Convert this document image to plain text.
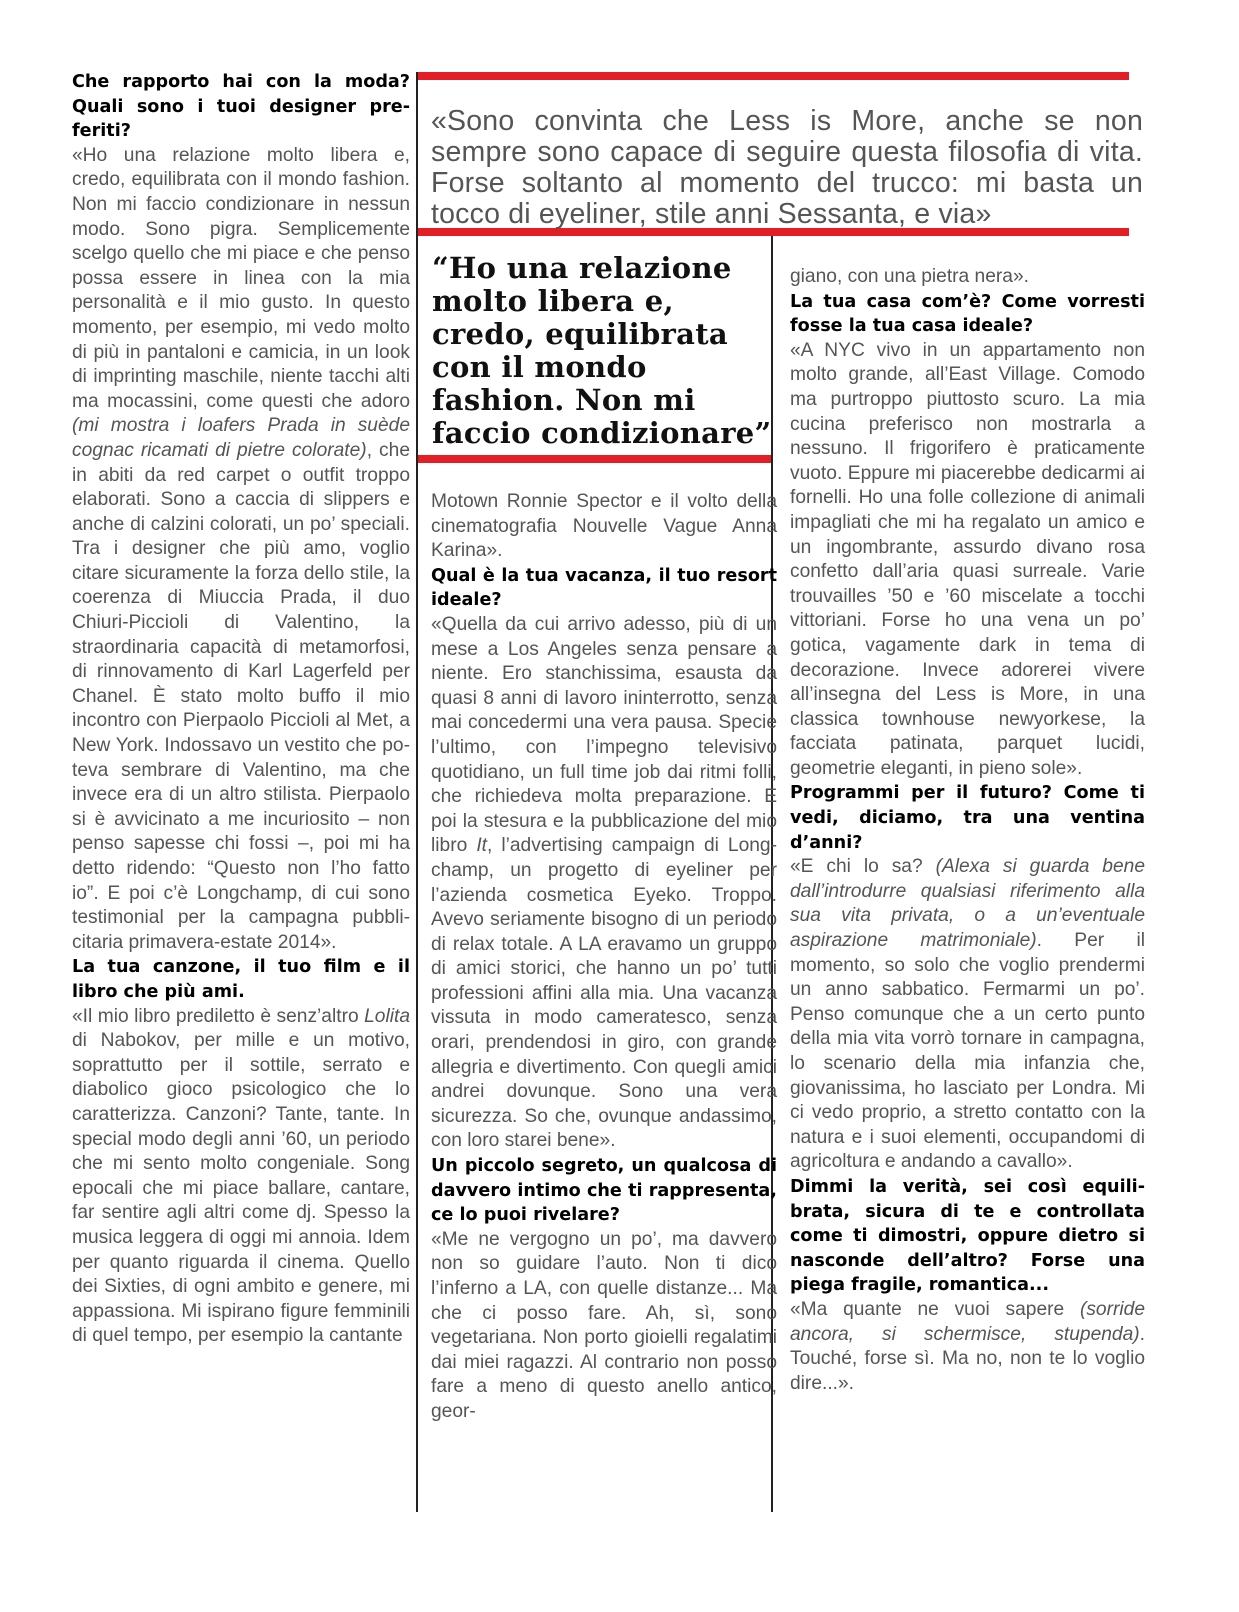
«Sono convinta che Less is More, anche se non sempre sono capace di seguire questa filosofia di vita. Forse soltanto al momento del trucco: mi basta un tocco di eyeliner, stile anni Sessanta, e via»
“Ho una relazione molto libera e, credo, equilibrata con il mondo fashion. Non mi faccio condizionare”
Che rapporto hai con la moda? Quali sono i tuoi designer preferiti?
«Ho una relazione molto libera e, credo, equilibrata con il mondo fashion. Non mi faccio condizionare in nessun modo. Sono pigra. Semplicemente scelgo quello che mi piace e che penso possa essere in linea con la mia personalità e il mio gusto. In questo momento, per esempio, mi vedo molto di più in pantaloni e camicia, in un look di imprinting maschile, niente tacchi alti ma mocassini, come questi che adoro (mi mostra i loafers Prada in suède cognac ricamati di pietre colorate), che in abiti da red carpet o outfit troppo elaborati. Sono a caccia di slippers e anche di calzini colorati, un po’ speciali. Tra i designer che più amo, voglio citare sicuramente la forza dello stile, la coerenza di Miuccia Prada, il duo Chiuri-Piccioli di Valentino, la straordinaria capacità di metamorfosi, di rinnovamento di Karl Lagerfeld per Chanel. È stato molto buffo il mio incontro con Pierpaolo Piccioli al Met, a New York. Indossavo un vestito che poteva sembrare di Valentino, ma che invece era di un altro stilista. Pierpaolo si è avvicinato a me incuriosito – non penso sapesse chi fossi –, poi mi ha detto ridendo: “Questo non l’ho fatto io”. E poi c’è Longchamp, di cui sono testimonial per la campagna pubblicitaria primavera-estate 2014».
La tua canzone, il tuo film e il libro che più ami.
«Il mio libro prediletto è senz’altro Lolita di Nabokov, per mille e un motivo, soprattutto per il sottile, serrato e diabolico gioco psicologico che lo caratterizza. Canzoni? Tante, tante. In special modo degli anni ’60, un periodo che mi sento molto congeniale. Song epocali che mi piace ballare, cantare, far sentire agli altri come dj. Spesso la musica leggera di oggi mi annoia. Idem per quanto riguarda il cinema. Quello dei Sixties, di ogni ambito e genere, mi appassiona. Mi ispirano figure femminili di quel tempo, per esempio la cantante
Motown Ronnie Spector e il volto della cinematografia Nouvelle Vague Anna Karina».
Qual è la tua vacanza, il tuo resort ideale?
«Quella da cui arrivo adesso, più di un mese a Los Angeles senza pensare a niente. Ero stanchissima, esausta da quasi 8 anni di lavoro ininterrotto, senza mai concedermi una vera pausa. Specie l’ultimo, con l’impegno televisivo quotidiano, un full time job dai ritmi folli, che richiedeva molta preparazione. E poi la stesura e la pubblicazione del mio libro It, l’advertising campaign di Longchamp, un progetto di eyeliner per l’azienda cosmetica Eyeko. Troppo. Avevo seriamente bisogno di un periodo di relax totale. A LA eravamo un gruppo di amici storici, che hanno un po’ tutti professioni affini alla mia. Una vacanza vissuta in modo cameratesco, senza orari, prendendosi in giro, con grande allegria e divertimento. Con quegli amici andrei dovunque. Sono una vera sicurezza. So che, ovunque andassimo, con loro starei bene».
Un piccolo segreto, un qualcosa di davvero intimo che ti rappresenta, ce lo puoi rivelare?
«Me ne vergogno un po’, ma davvero non so guidare l’auto. Non ti dico l’inferno a LA, con quelle distanze... Ma che ci posso fare. Ah, sì, sono vegetariana. Non porto gioielli regalatimi dai miei ragazzi. Al contrario non posso fare a meno di questo anello antico, geor-
giano, con una pietra nera».
La tua casa com’è? Come vorresti fosse la tua casa ideale?
«A NYC vivo in un appartamento non molto grande, all’East Village. Comodo ma purtroppo piuttosto scuro. La mia cucina preferisco non mostrarla a nessuno. Il frigorifero è praticamente vuoto. Eppure mi piacerebbe dedicarmi ai fornelli. Ho una folle collezione di animali impagliati che mi ha regalato un amico e un ingombrante, assurdo divano rosa confetto dall’aria quasi surreale. Varie trouvailles ’50 e ’60 miscelate a tocchi vittoriani. Forse ho una vena un po’ gotica, vagamente dark in tema di decorazione. Invece adorerei vivere all’insegna del Less is More, in una classica townhouse newyorkese, la facciata patinata, parquet lucidi, geometrie eleganti, in pieno sole».
Programmi per il futuro? Come ti vedi, diciamo, tra una ventina d’anni?
«E chi lo sa? (Alexa si guarda bene dall’introdurre qualsiasi riferimento alla sua vita privata, o a un’eventuale aspirazione matrimoniale). Per il momento, so solo che voglio prendermi un anno sabbatico. Fermarmi un po’. Penso comunque che a un certo punto della mia vita vorrò tornare in campagna, lo scenario della mia infanzia che, giovanissima, ho lasciato per Londra. Mi ci vedo proprio, a stretto contatto con la natura e i suoi elementi, occupandomi di agricoltura e andando a cavallo».
Dimmi la verità, sei così equilibrata, sicura di te e controllata come ti dimostri, oppure dietro si nasconde dell’altro? Forse una piega fragile, romantica...
«Ma quante ne vuoi sapere (sorride ancora, si schermisce, stupenda). Touché, forse sì. Ma no, non te lo voglio dire...».
